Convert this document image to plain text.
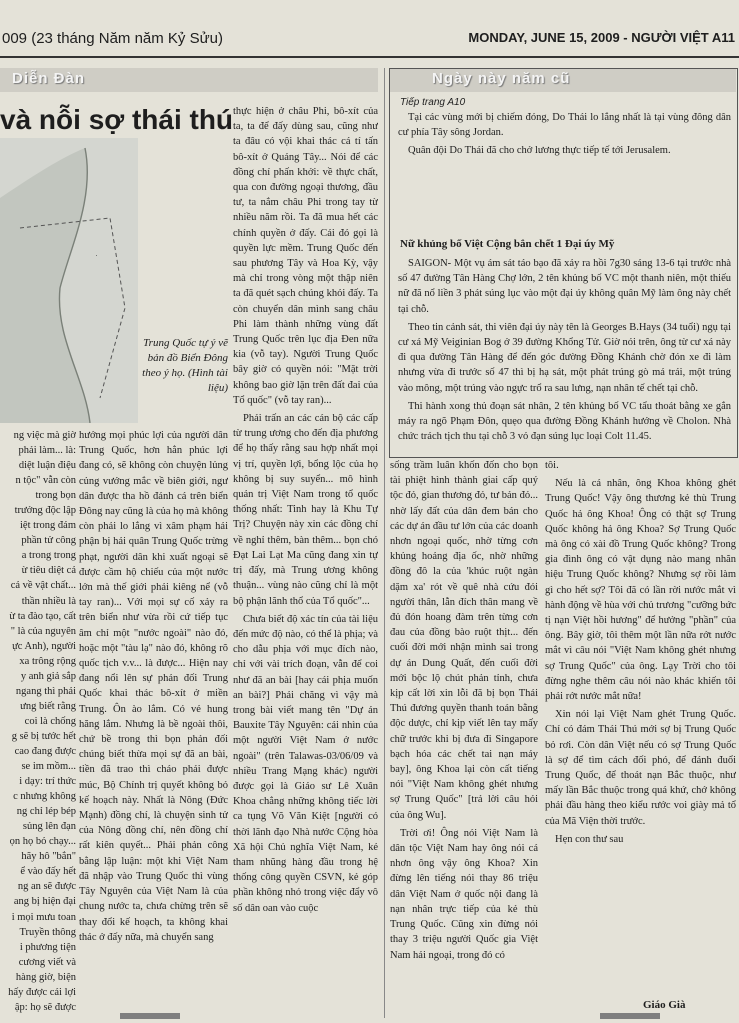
009 (23 tháng Năm năm Kỷ Sửu)	MONDAY, JUNE 15, 2009 - NGƯỜI VIỆT A11
Diễn Đàn	Ngày này năm cũ
và nỗi sợ thái thú
·
Trung Quốc tự ý vẽ bản đồ Biển Đông theo ý họ. (Hình tài liệu)
ng việc mà giờ
phải làm... là:
diệt luận điệu
n tộc" vẫn còn
trong bọn
trưởng độc lập
iệt trong đám
phần tử công
a trong trong
ừ tiêu diệt cả
cả về vật chất...
thần nhiều là
ừ ta đào tạo, cất
" là của nguyên
ực Anh), người
xa trông rộng
y anh giả sắp
ngang thì phải
ưng biết rằng
coi là chống
g sẽ bị tước hết
cao đang được
se im mồm...
i dạy: trí thức
c nhưng không
ng chỉ lép bép
sủng lên đạn
ọn họ bỏ chạy...
hãy hô "bắn"
ể vào đấy hết
ng an sẽ được
ang bị hiện đại
i mọi mưu toan
Truyền thông
i phương tiện
cương viết và
hàng giờ, biện
hấy được cái lợi
ập: họ sẽ được

hướng mọi phúc lợi của người dân Trung Quốc, hơn hẳn phúc lợi đang có, sẽ không còn chuyện lủng củng vướng mắc về biên giới, ngư dân được tha hồ đánh cá trên biển Đông nay cũng là của họ mà không còn phải lo lắng vì xâm phạm hải phận bị hải quân Trung Quốc trừng phạt, người dân khi xuất ngoại sẽ được cầm hộ chiếu của một nước lớn mà thế giới phải kiêng nể (vỗ tay ran)... Với mọi sự cố xảy ra trên biển như vừa rồi cứ tiếp tục âm chỉ một "nước ngoài" nào đó, hoặc một "tàu lạ" nào đó, không rõ quốc tịch v.v... là được... Hiện nay đang nổi lên sự phản đối Trung Quốc khai thác bô-xít ở miền Trung. Ôn ào lắm. Có vẻ hung hăng lắm. Nhưng là bề ngoài thôi, chứ bề trong thì bọn phản đối chúng biết thừa mọi sự đã an bài, tiền đã trao thì cháo phải được múc, Bộ Chính trị quyết không bỏ kế hoạch này. Nhất là Nông (Đức Mạnh) đồng chí, là chuyện sinh tử của Nông đồng chí, nên đồng chí rất kiên quyết... Phải phản công bằng lập luận: một khi Việt Nam đã nhập vào Trung Quốc thì vùng Tây Nguyên của Việt Nam là của chung nước ta, chưa chừng trên sẽ thay đổi kế hoạch, ta không khai thác ở đấy nữa, mà chuyển sang

thực hiện ở châu Phi, bô-xít của ta, ta để đấy dùng sau, cũng như ta đâu có vội khai thác cá tí tấn bô-xít ở Quảng Tây... Nói để các đồng chí phấn khởi: về thực chất, qua con đường ngoại thương, đầu tư, ta nắm châu Phi trong tay từ nhiều năm rồi. Ta đã mua hết các chính quyền ở đấy. Cái đó gọi là quyền lực mềm. Trung Quốc đến sau phương Tây và Hoa Kỳ, vậy mà chỉ trong vòng một thập niên ta đã quét sạch chúng khỏi đấy. Ta còn chuyển dân mình sang châu Phi làm thành những vùng đất Trung Quốc trên lục địa Đen nữa kia (vỗ tay). Người Trung Quốc bây giờ có quyền nói: "Mặt trời không bao giờ lặn trên đất đai của Tổ quốc" (vỗ tay ran)...

Phải trấn an các cán bộ các cấp từ trung ương cho đến địa phương để họ thấy rằng sau hợp nhất mọi vị trí, quyền lợi, bổng lộc của họ không bị suy suyển... mô hình quản trị Việt Nam trong tổ quốc thống nhất: Tinh hay là Khu Tự Trị? Chuyện này xin các đồng chí về nghỉ thêm, bàn thêm... bọn chó Đạt Lai Lạt Ma cũng đang xin tự trị đấy, mà Trung ương không thuận... vùng nào cũng chỉ là một bộ phận lãnh thổ của Tổ quốc"...

Chưa biết độ xác tín của tài liệu đến mức độ nào, có thể là phịa; và cho dẫu phịa với mục đích nào, chỉ với vài trích đoạn, vẫn để coi như đã an bài [hay cái phịa muốn an bài?] Phải chăng vì vậy mà trong bài viết mang tên "Dự án Bauxite Tây Nguyên: cái nhìn của một người Việt Nam ở nước ngoài" (trên Talawas-03/06/09 và nhiều Trang Mạng khác) người được gọi là Giáo sư Lê Xuân Khoa chẳng những không tiếc lời ca tụng Võ Văn Kiệt [người có thời lãnh đạo Nhà nước Cộng hòa Xã hội Chủ nghĩa Việt Nam, kẻ tham nhũng hàng đầu trong hệ thống công quyền CSVN, kẻ góp phần không nhỏ trong việc đẩy vô số dân oan vào cuộc

Tiếp trang A10

Tại các vùng mới bị chiếm đóng, Do Thái lo lắng nhất là tại vùng đông dân cư phía Tây sông Jordan.

Quân đội Do Thái đã cho chở lương thực tiếp tế tới Jerusalem.

Nữ khủng bố Việt Cộng bắn chết 1 Đại úy Mỹ

SAIGON- Một vụ ám sát táo bạo đã xảy ra hồi 7g30 sáng 13-6 tại trước nhà số 47 đường Tân Hàng Chợ lớn, 2 tên khủng bố VC một thanh niên, một thiếu nữ đã nổ liền 3 phát súng lục vào một đại úy không quân Mỹ làm ông này chết tại chỗ.

Theo tin cảnh sát, thi viên đại úy này tên là Georges B.Hays (34 tuổi) ngụ tại cư xá Mỹ Veiginian Bog ở 39 đường Khổng Tử. Giờ nói trên, ông từ cư xá này đi qua đường Tân Hàng để đến góc đường Đồng Khánh chờ đón xe đi làm nhưng vừa đi trước số 47 thì bị hạ sát, một phát trúng gò má trái, một trúng vào mông, một trúng vào ngực trổ ra sau lưng, nạn nhân tế chết tại chỗ.

Thi hành xong thủ đoạn sát nhân, 2 tên khủng bố VC tẩu thoát bằng xe gắn máy ra ngõ Phạm Đôn, quẹo qua đường Đồng Khánh hướng về Cholon. Nhà chức trách tịch thu tại chỗ 3 vỏ đạn súng lục loại Colt 11.45.

sống trầm luân khốn đốn cho bọn tài phiệt hình thành giai cấp quý tộc đỏ, gian thương đỏ, tư bản đỏ... nhờ lấy đất của dân đem bán cho các dự án đầu tư lớn của các doanh nhơn ngoại quốc, nhờ từng cơn khủng hoảng địa ốc, nhờ những đồng đô la của 'khúc ruột ngàn dặm xa' rót về quê nhà cứu đói người thân, lẫn đích thân mang về đủ đón hoang đàm trên từng cơn đau của đồng bào ruột thịt... đến cuối đời mới nhận mình sai trong dự án Dung Quất, đến cuối đời mới bộc lộ chút phản tỉnh, chưa kịp cất lời xin lỗi đã bị bọn Thái Thú đương quyền thanh toán bằng độc dược, chỉ kịp viết lên tay mấy chữ trước khi bị đưa đi Singapore bạch hóa các chết tai nạn máy bay], ông Khoa lại còn cất tiếng nói "Việt Nam không ghét nhưng sợ Trung Quốc" [trả lời câu hỏi của ông Wu].

Trời ơi! Ông nói Việt Nam là dân tộc Việt Nam hay ông nói cá nhơn ông vậy ông Khoa? Xin đừng lên tiếng nói thay 86 triệu dân Việt Nam ở quốc nội đang là nạn nhân trực tiếp của kẻ thù Trung Quốc. Cũng xin đừng nói thay 3 triệu người Quốc gia Việt Nam hải ngoại, trong đó có

tôi.

Nếu là cá nhân, ông Khoa không ghét Trung Quốc! Vậy ông thương kẻ thù Trung Quốc hả ông Khoa! Ông có thật sợ Trung Quốc không hả ông Khoa? Sợ Trung Quốc mà ông có xài đồ Trung Quốc không? Trong gia đình ông có vật dụng nào mang nhãn hiệu Trung Quốc không? Nhưng sợ rồi làm gì cho hết sợ? Tôi đã có lần rời nước mắt vì hành động về hùa với chủ trương "cưỡng bức tị nạn Việt hồi hương" để hưởng "phần" của ông. Bây giờ, tôi thêm một lần nữa rớt nước mắt vì câu nói "Việt Nam không ghét nhưng sợ Trung Quốc" của ông. Lạy Trời cho tôi đừng nghe thêm câu nói nào khác khiến tôi phải rớt nước mắt nữa!

Xin nói lại Việt Nam ghét Trung Quốc. Chỉ có đám Thái Thú mới sợ bị Trung Quốc bỏ rơi. Còn dân Việt nếu có sợ Trung Quốc là sợ để tìm cách đối phó, để đánh đuổi Trung Quốc, để thoát nạn Bắc thuộc, như mấy lần Bắc thuộc trong quá khứ, chớ không phải đầu hàng theo kiểu rước voi giày mả tổ của Mã Viện thời trước.

Hẹn con thư sau

Giáo Già
